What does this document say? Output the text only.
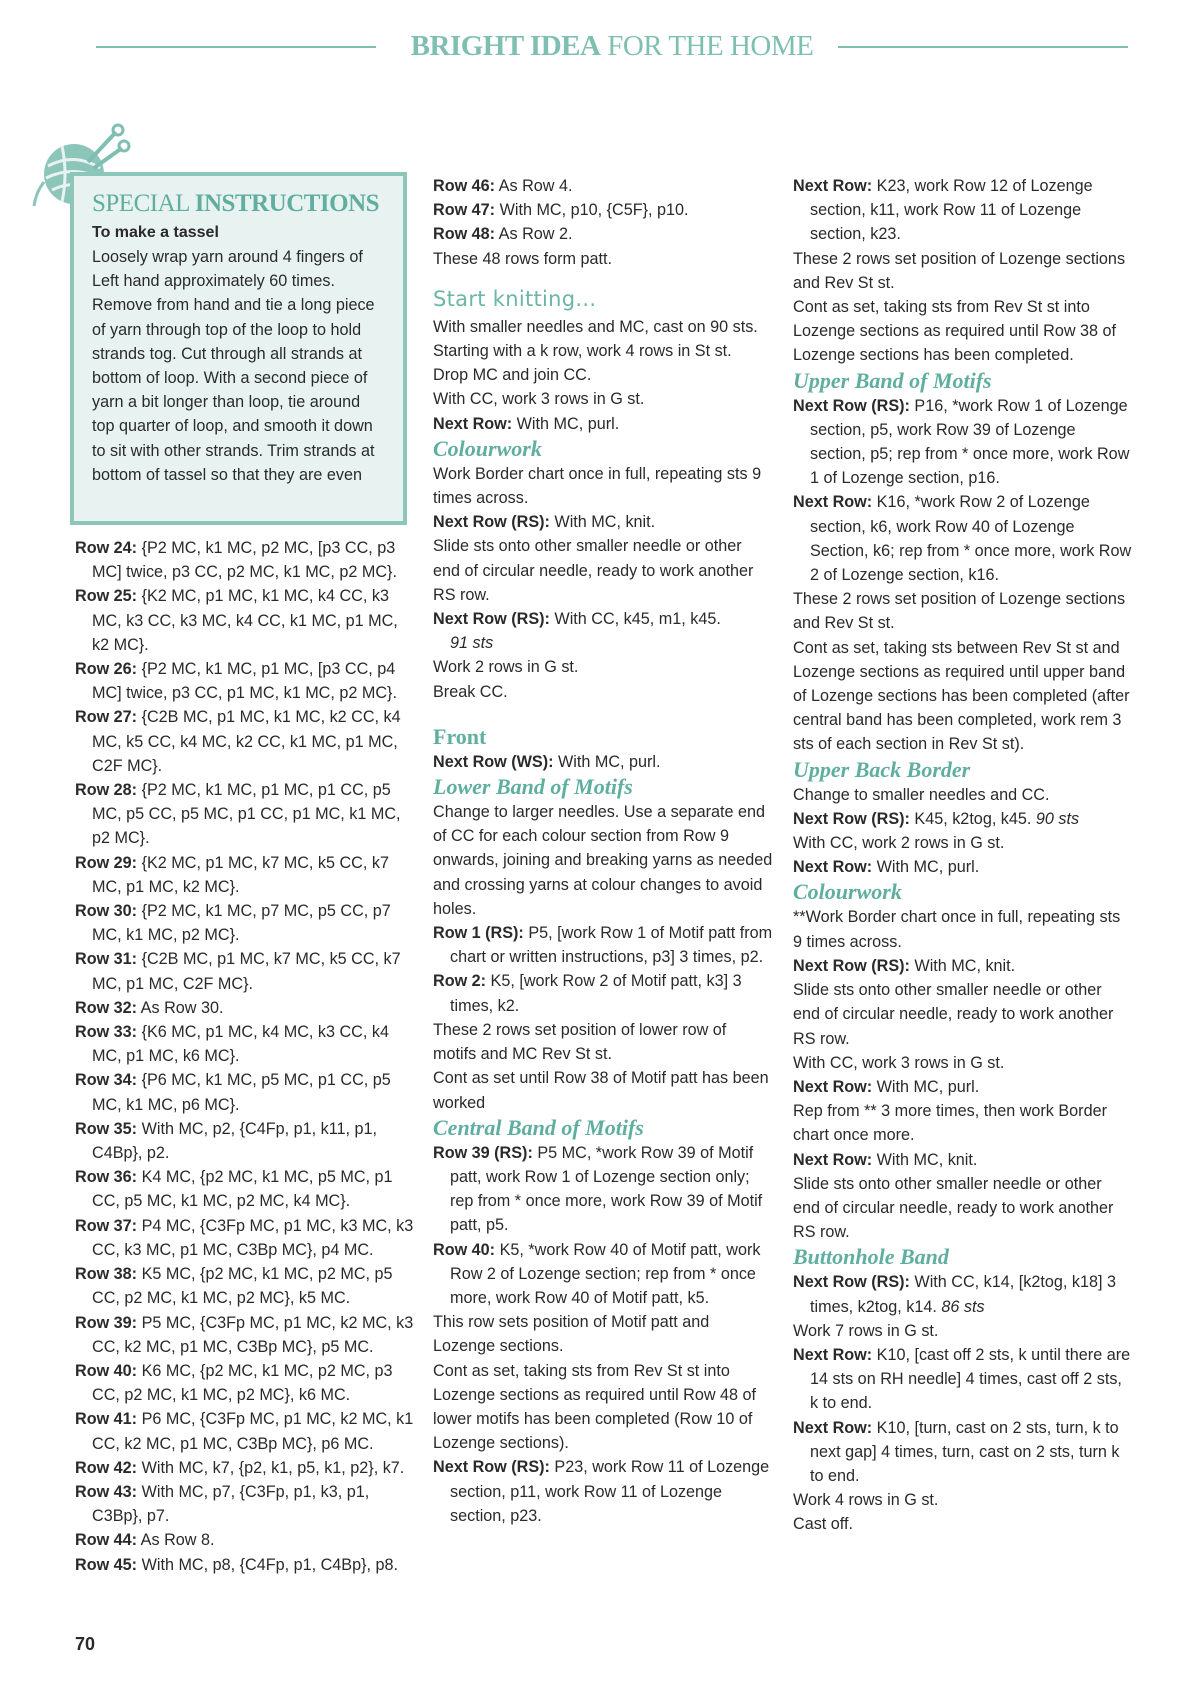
BRIGHT IDEA FOR THE HOME
SPECIAL INSTRUCTIONS
To make a tassel
Loosely wrap yarn around 4 fingers of Left hand approximately 60 times. Remove from hand and tie a long piece of yarn through top of the loop to hold strands tog. Cut through all strands at bottom of loop. With a second piece of yarn a bit longer than loop, tie around top quarter of loop, and smooth it down to sit with other strands. Trim strands at bottom of tassel so that they are even

Row 24: {P2 MC, k1 MC, p2 MC, [p3 CC, p3 MC] twice, p3 CC, p2 MC, k1 MC, p2 MC}.

Row 25: {K2 MC, p1 MC, k1 MC, k4 CC, k3 MC, k3 CC, k3 MC, k4 CC, k1 MC, p1 MC, k2 MC}.

Row 26: {P2 MC, k1 MC, p1 MC, [p3 CC, p4 MC] twice, p3 CC, p1 MC, k1 MC, p2 MC}.

Row 27: {C2B MC, p1 MC, k1 MC, k2 CC, k4 MC, k5 CC, k4 MC, k2 CC, k1 MC, p1 MC, C2F MC}.

Row 28: {P2 MC, k1 MC, p1 MC, p1 CC, p5 MC, p5 CC, p5 MC, p1 CC, p1 MC, k1 MC, p2 MC}.

Row 29: {K2 MC, p1 MC, k7 MC, k5 CC, k7 MC, p1 MC, k2 MC}.

Row 30: {P2 MC, k1 MC, p7 MC, p5 CC, p7 MC, k1 MC, p2 MC}.

Row 31: {C2B MC, p1 MC, k7 MC, k5 CC, k7 MC, p1 MC, C2F MC}.

Row 32: As Row 30.

Row 33: {K6 MC, p1 MC, k4 MC, k3 CC, k4 MC, p1 MC, k6 MC}.

Row 34: {P6 MC, k1 MC, p5 MC, p1 CC, p5 MC, k1 MC, p6 MC}.

Row 35: With MC, p2, {C4Fp, p1, k11, p1, C4Bp}, p2.

Row 36: K4 MC, {p2 MC, k1 MC, p5 MC, p1 CC, p5 MC, k1 MC, p2 MC, k4 MC}.

Row 37: P4 MC, {C3Fp MC, p1 MC, k3 MC, k3 CC, k3 MC, p1 MC, C3Bp MC}, p4 MC.

Row 38: K5 MC, {p2 MC, k1 MC, p2 MC, p5 CC, p2 MC, k1 MC, p2 MC}, k5 MC.

Row 39: P5 MC, {C3Fp MC, p1 MC, k2 MC, k3 CC, k2 MC, p1 MC, C3Bp MC}, p5 MC.

Row 40: K6 MC, {p2 MC, k1 MC, p2 MC, p3 CC, p2 MC, k1 MC, p2 MC}, k6 MC.

Row 41: P6 MC, {C3Fp MC, p1 MC, k2 MC, k1 CC, k2 MC, p1 MC, C3Bp MC}, p6 MC.

Row 42: With MC, k7, {p2, k1, p5, k1, p2}, k7.

Row 43: With MC, p7, {C3Fp, p1, k3, p1, C3Bp}, p7.

Row 44: As Row 8.

Row 45: With MC, p8, {C4Fp, p1, C4Bp}, p8.

Row 46: As Row 4.

Row 47: With MC, p10, {C5F}, p10.

Row 48: As Row 2.

These 48 rows form patt.

Start knitting...

With smaller needles and MC, cast on 90 sts.

Starting with a k row, work 4 rows in St st.

Drop MC and join CC.

With CC, work 3 rows in G st.

Next Row: With MC, purl.

Colourwork

Work Border chart once in full, repeating sts 9 times across.

Next Row (RS): With MC, knit.

Slide sts onto other smaller needle or other end of circular needle, ready to work another RS row.

Next Row (RS): With CC, k45, m1, k45.

91 sts

Work 2 rows in G st.

Break CC.

Front

Next Row (WS): With MC, purl.

Lower Band of Motifs

Change to larger needles. Use a separate end of CC for each colour section from Row 9 onwards, joining and breaking yarns as needed and crossing yarns at colour changes to avoid holes.

Row 1 (RS): P5, [work Row 1 of Motif patt from chart or written instructions, p3] 3 times, p2.

Row 2: K5, [work Row 2 of Motif patt, k3] 3 times, k2.

These 2 rows set position of lower row of motifs and MC Rev St st.

Cont as set until Row 38 of Motif patt has been worked

Central Band of Motifs

Row 39 (RS): P5 MC, *work Row 39 of Motif patt, work Row 1 of Lozenge section only; rep from * once more, work Row 39 of Motif patt, p5.

Row 40: K5, *work Row 40 of Motif patt, work Row 2 of Lozenge section; rep from * once more, work Row 40 of Motif patt, k5.

This row sets position of Motif patt and Lozenge sections.

Cont as set, taking sts from Rev St st into Lozenge sections as required until Row 48 of lower motifs has been completed (Row 10 of Lozenge sections).

Next Row (RS): P23, work Row 11 of Lozenge section, p11, work Row 11 of Lozenge section, p23.

Next Row: K23, work Row 12 of Lozenge section, k11, work Row 11 of Lozenge section, k23.

These 2 rows set position of Lozenge sections and Rev St st.

Cont as set, taking sts from Rev St st into Lozenge sections as required until Row 38 of Lozenge sections has been completed.

Upper Band of Motifs

Next Row (RS): P16, *work Row 1 of Lozenge section, p5, work Row 39 of Lozenge section, p5; rep from * once more, work Row 1 of Lozenge section, p16.

Next Row: K16, *work Row 2 of Lozenge section, k6, work Row 40 of Lozenge Section, k6; rep from * once more, work Row 2 of Lozenge section, k16.

These 2 rows set position of Lozenge sections and Rev St st.

Cont as set, taking sts between Rev St st and Lozenge sections as required until upper band of Lozenge sections has been completed (after central band has been completed, work rem 3 sts of each section in Rev St st).

Upper Back Border

Change to smaller needles and CC.

Next Row (RS): K45, k2tog, k45. 90 sts

With CC, work 2 rows in G st.

Next Row: With MC, purl.

Colourwork

**Work Border chart once in full, repeating sts 9 times across.

Next Row (RS): With MC, knit.

Slide sts onto other smaller needle or other end of circular needle, ready to work another RS row.

With CC, work 3 rows in G st.

Next Row: With MC, purl.

Rep from ** 3 more times, then work Border chart once more.

Next Row: With MC, knit.

Slide sts onto other smaller needle or other end of circular needle, ready to work another RS row.

Buttonhole Band

Next Row (RS): With CC, k14, [k2tog, k18] 3 times, k2tog, k14. 86 sts

Work 7 rows in G st.

Next Row: K10, [cast off 2 sts, k until there are 14 sts on RH needle] 4 times, cast off 2 sts, k to end.

Next Row: K10, [turn, cast on 2 sts, turn, k to next gap] 4 times, turn, cast on 2 sts, turn k to end.

Work 4 rows in G st.

Cast off.

70
